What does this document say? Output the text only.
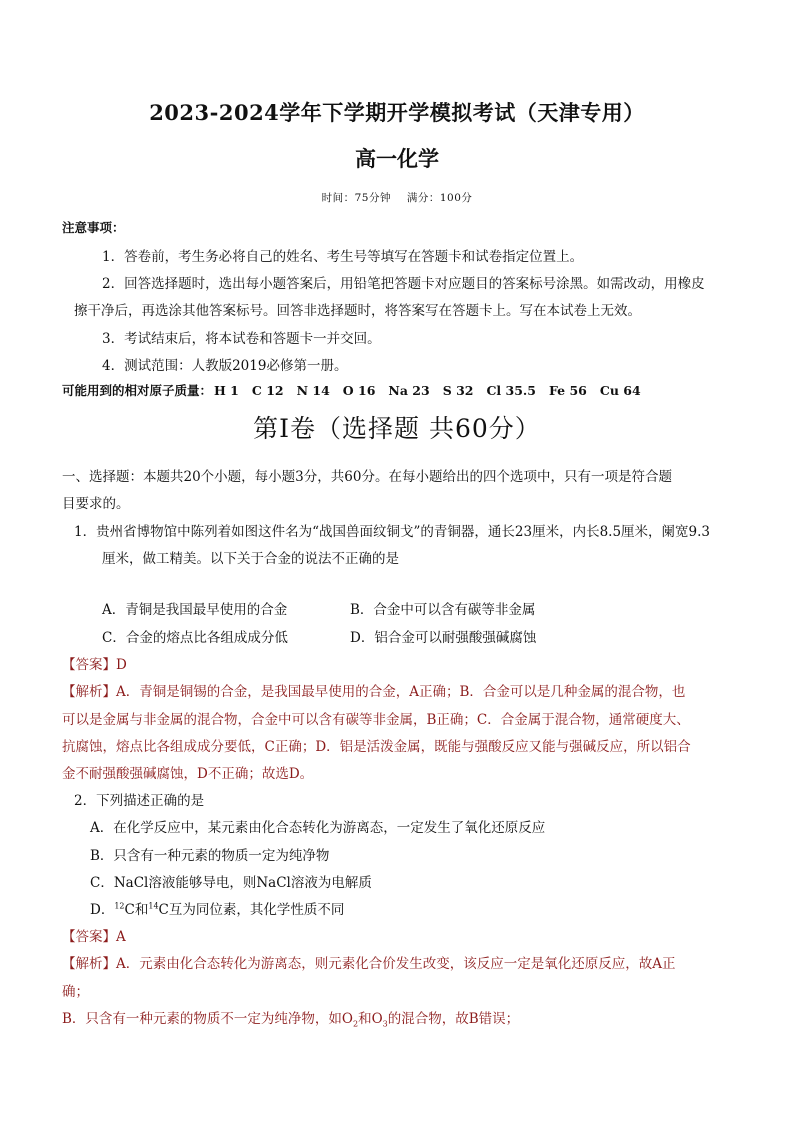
2023-2024学年下学期开学模拟考试（天津专用）
高一化学
时间：75分钟 满分：100分
注意事项：
1．答卷前，考生务必将自己的姓名、考生号等填写在答题卡和试卷指定位置上。
2．回答选择题时，选出每小题答案后，用铅笔把答题卡对应题目的答案标号涂黑。如需改动，用橡皮
擦干净后，再选涂其他答案标号。回答非选择题时，将答案写在答题卡上。写在本试卷上无效。
3．考试结束后，将本试卷和答题卡一并交回。
4．测试范围：人教版2019必修第一册。
可能用到的相对原子质量： H 1 C 12 N 14 O 16 Na 23 S 32 Cl 35.5 Fe 56 Cu 64
第Ⅰ卷（选择题 共60分）
一、选择题：本题共20个小题，每小题3分，共60分。在每小题给出的四个选项中，只有一项是符合题
目要求的。
1．贵州省博物馆中陈列着如图这件名为“战国兽面纹铜戈”的青铜器，通长23厘米，内长8.5厘米，阑宽9.3
厘米，做工精美。以下关于合金的说法不正确的是
A．青铜是我国最早使用的合金	B．合金中可以含有碳等非金属
C．合金的熔点比各组成成分低	D．铝合金可以耐强酸强碱腐蚀
【答案】D
【解析】A．青铜是铜锡的合金，是我国最早使用的合金，A正确；B．合金可以是几种金属的混合物，也
可以是金属与非金属的混合物，合金中可以含有碳等非金属，B正确；C．合金属于混合物，通常硬度大、
抗腐蚀，熔点比各组成成分要低，C正确；D．铝是活泼金属，既能与强酸反应又能与强碱反应，所以铝合
金不耐强酸强碱腐蚀，D不正确；故选D。
2．下列描述正确的是
A．在化学反应中，某元素由化合态转化为游离态，一定发生了氧化还原反应
B．只含有一种元素的物质一定为纯净物
C．NaCl溶液能够导电，则NaCl溶液为电解质
D．$^{12}$C和$^{14}$C互为同位素，其化学性质不同
【答案】A
【解析】A．元素由化合态转化为游离态，则元素化合价发生改变，该反应一定是氧化还原反应，故A正
确；
B．只含有一种元素的物质不一定为纯净物，如$O_2$和$O_3$的混合物，故B错误；
